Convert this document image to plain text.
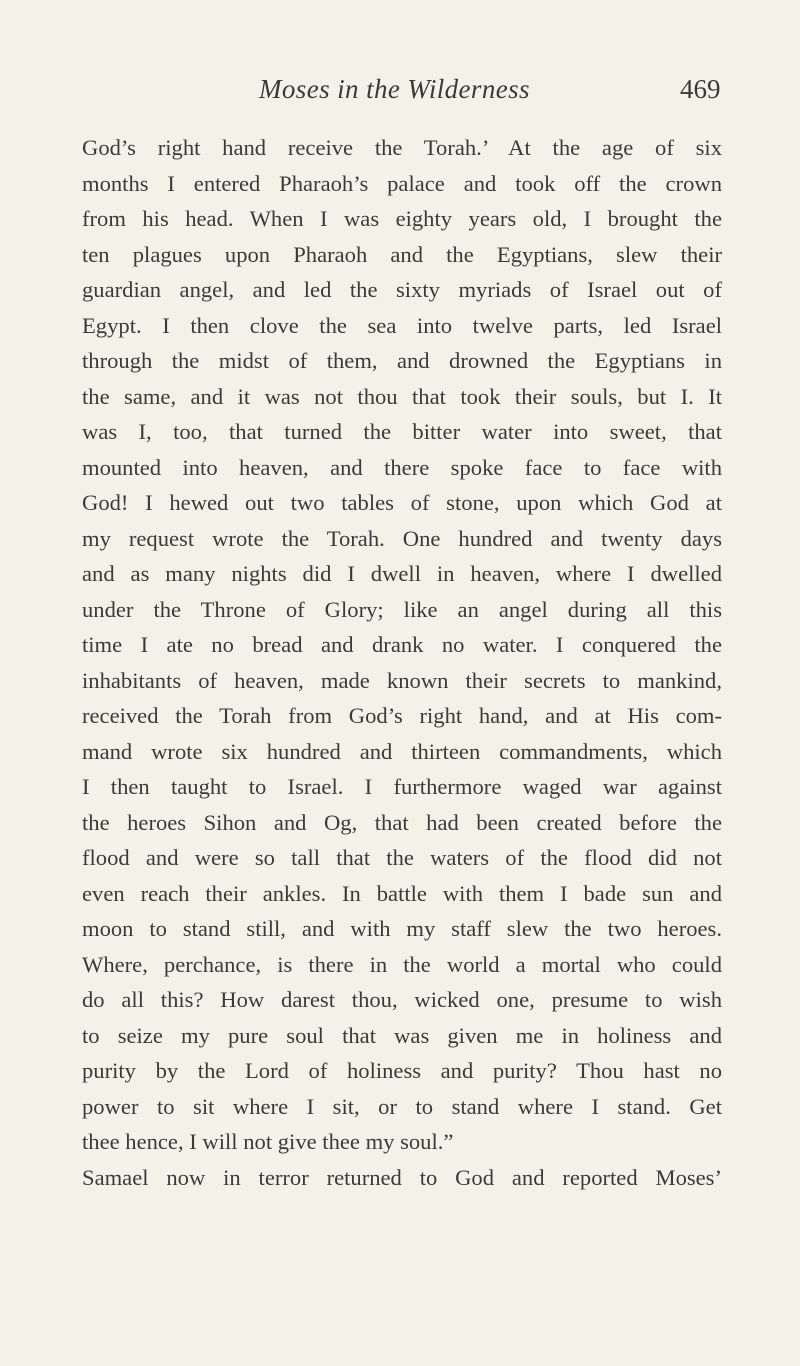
Moses in the Wilderness	469
God’s right hand receive the Torah.’ At the age of six
months I entered Pharaoh’s palace and took off the crown
from his head. When I was eighty years old, I brought the
ten plagues upon Pharaoh and the Egyptians, slew their
guardian angel, and led the sixty myriads of Israel out of
Egypt. I then clove the sea into twelve parts, led Israel
through the midst of them, and drowned the Egyptians in
the same, and it was not thou that took their souls, but I. It
was I, too, that turned the bitter water into sweet, that
mounted into heaven, and there spoke face to face with
God! I hewed out two tables of stone, upon which God at
my request wrote the Torah. One hundred and twenty days
and as many nights did I dwell in heaven, where I dwelled
under the Throne of Glory; like an angel during all this
time I ate no bread and drank no water. I conquered the
inhabitants of heaven, made known their secrets to mankind,
received the Torah from God’s right hand, and at His com-
mand wrote six hundred and thirteen commandments, which
I then taught to Israel. I furthermore waged war against
the heroes Sihon and Og, that had been created before the
flood and were so tall that the waters of the flood did not
even reach their ankles. In battle with them I bade sun and
moon to stand still, and with my staff slew the two heroes.
Where, perchance, is there in the world a mortal who could
do all this? How darest thou, wicked one, presume to wish
to seize my pure soul that was given me in holiness and
purity by the Lord of holiness and purity? Thou hast no
power to sit where I sit, or to stand where I stand. Get
thee hence, I will not give thee my soul.”
Samael now in terror returned to God and reported Moses’
